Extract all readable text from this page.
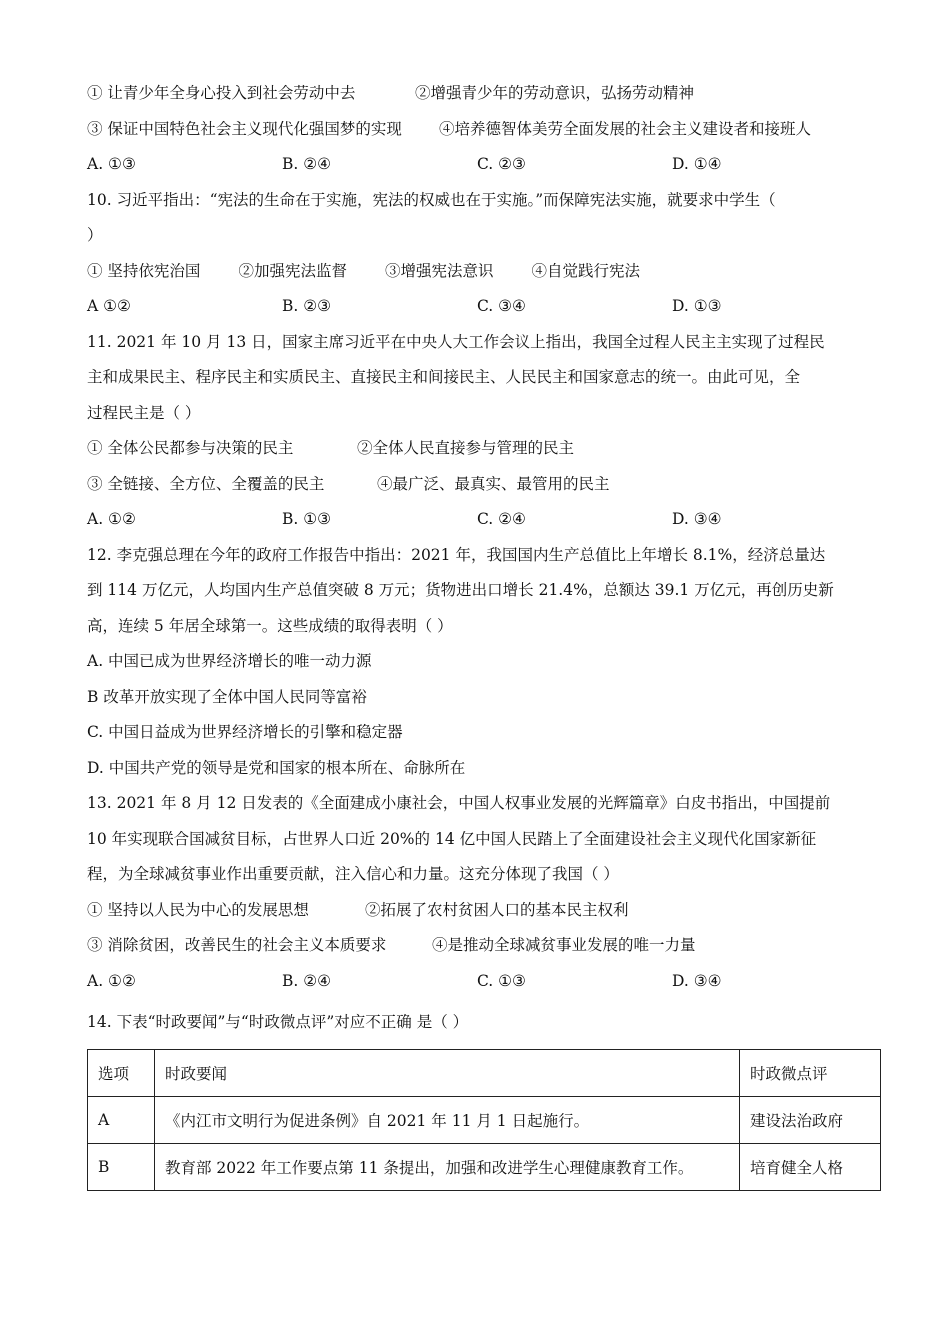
① 让青少年全身心投入到社会劳动中去	②增强青少年的劳动意识，弘扬劳动精神
③ 保证中国特色社会主义现代化强国梦的实现 ④培养德智体美劳全面发展的社会主义建设者和接班人
A. ①③	B. ②④	C. ②③	D. ①④
10. 习近平指出：“宪法的生命在于实施，宪法的权威也在于实施。”而保障宪法实施，就要求中学生（
）
① 坚持依宪治国 ②加强宪法监督 ③增强宪法意识 ④自觉践行宪法
A ①②	B. ②③	C. ③④	D. ①③
11. 2021 年 10 月 13 日，国家主席习近平在中央人大工作会议上指出，我国全过程人民主主实现了过程民
主和成果民主、程序民主和实质民主、直接民主和间接民主、人民民主和国家意志的统一。由此可见，全
过程民主是（ ）
① 全体公民都参与决策的民主	②全体人民直接参与管理的民主
③ 全链接、全方位、全覆盖的民主	④最广泛、最真实、最管用的民主
A. ①②	B. ①③	C. ②④	D. ③④
12. 李克强总理在今年的政府工作报告中指出：2021 年，我国国内生产总值比上年增长 8.1%，经济总量达
到 114 万亿元，人均国内生产总值突破 8 万元；货物进出口增长 21.4%，总额达 39.1 万亿元，再创历史新
高，连续 5 年居全球第一。这些成绩的取得表明（ ）
A. 中国已成为世界经济增长的唯一动力源
B 改革开放实现了全体中国人民同等富裕
C. 中国日益成为世界经济增长的引擎和稳定器
D. 中国共产党的领导是党和国家的根本所在、命脉所在
13. 2021 年 8 月 12 日发表的《全面建成小康社会，中国人权事业发展的光辉篇章》白皮书指出，中国提前
10 年实现联合国减贫目标，占世界人口近 20%的 14 亿中国人民踏上了全面建设社会主义现代化国家新征
程，为全球减贫事业作出重要贡献，注入信心和力量。这充分体现了我国（ ）
① 坚持以人民为中心的发展思想	②拓展了农村贫困人口的基本民主权利
③ 消除贫困，改善民生的社会主义本质要求	④是推动全球减贫事业发展的唯一力量
A. ①②	B. ②④	C. ①③	D. ③④
14. 下表“时政要闻”与“时政微点评”对应不正确 是（ ）
选项	时政要闻	时政微点评
A	《内江市文明行为促进条例》自 2021 年 11 月 1 日起施行。	建设法治政府
B	教育部 2022 年工作要点第 11 条提出，加强和改进学生心理健康教育工作。	培育健全人格
